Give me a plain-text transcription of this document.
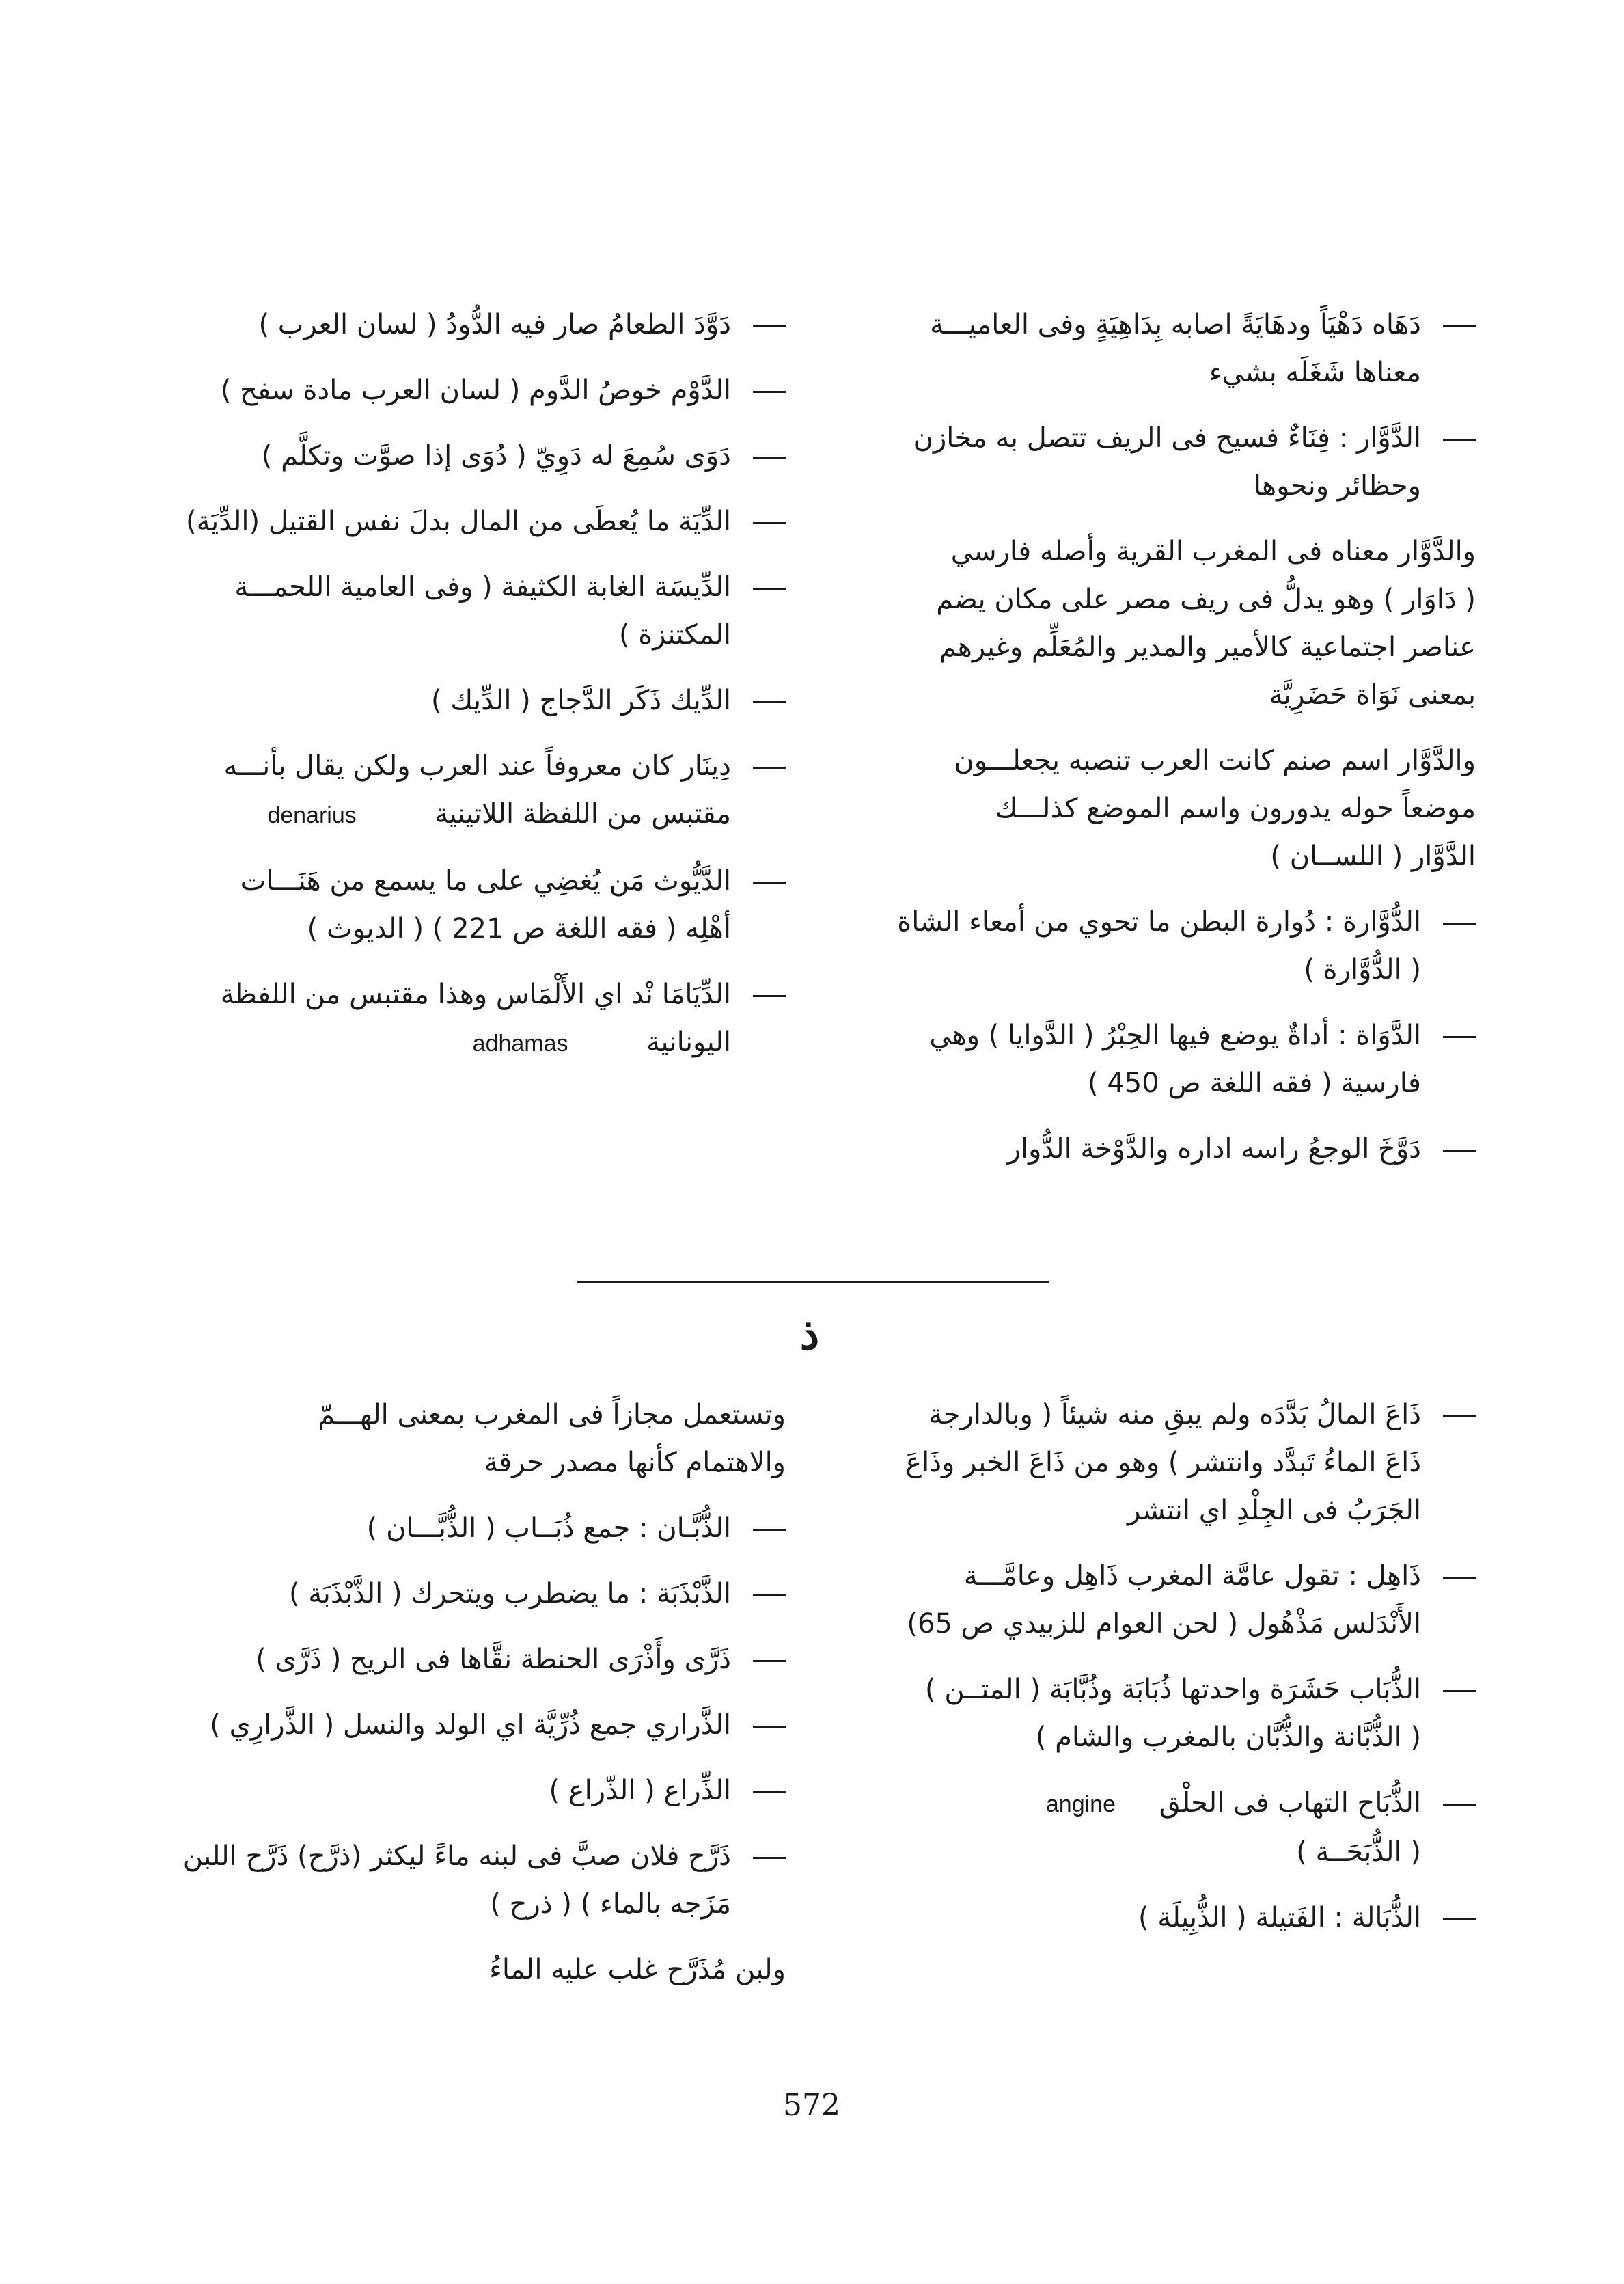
دَهَاه دَهْيَاً ودهَايَةً اصابه بِدَاهِيَةٍ وفى العاميـــة

معناها شَغَلَه بشيء

الدَّوَّار : فِنَاءٌ فسيح فى الريف تتصل به مخازن

وحظائر ونحوها

والدَّوَّار معناه فى المغرب القرية وأصله فارسي

( دَاوَار ) وهو يدلُّ فى ريف مصر على مكان يضم

عناصر اجتماعية كالأمير والمدير والمُعَلِّم وغيرهم

بمعنى نَوَاة حَضَرِيَّة

والدَّوَّار اسم صنم كانت العرب تنصبه يجعلـــون

موضعاً حوله يدورون واسم الموضع كذلـــك

الدَّوَّار ( اللســان )

الدُّوَّارة : دُوارة البطن ما تحوي من أمعاء الشاة

( الدُّوَّارة )

الدَّوَاة : أداةٌ يوضع فيها الحِبْرُ ( الدَّوايا ) وهي

فارسية ( فقه اللغة ص 450 )

دَوَّخَ الوجعُ راسه اداره والدَّوْخة الدُّوار

دَوَّدَ الطعامُ صار فيه الدُّودُ ( لسان العرب )

الدَّوْم خوصُ الدَّوم ( لسان العرب مادة سفح )

دَوَى سُمِعَ له دَوِيّ ( دُوَى إذا صوَّت وتكلَّم )

الدِّيَة ما يُعطَى من المال بدلَ نفس القتيل (الدِّيَة)

الدِّيسَة الغابة الكثيفة ( وفى العامية اللحمـــة

المكتنزة )

الدِّيك ذَكَر الدَّجاج ( الدِّيك )

دِينَار كان معروفاً عند العرب ولكن يقال بأنـــه

مقتبس من اللفظة اللاتينية         denarius

الدَّيُّوث مَن يُغضِي على ما يسمع من هَنَـــات

أهْلِه ( فقه اللغة ص 221 ) ( الديوث )

الدِّيَامَا نْد اي الأَلْمَاس وهذا مقتبس من اللفظة

اليونانية         adhamas

ذ

ذَاعَ المالُ بَدَّدَه ولم يبقِ منه شيئاً ( وبالدارجة

ذَاعَ الماءُ تَبدَّد وانتشر ) وهو من ذَاعَ الخبر وذَاعَ

الجَرَبُ فى الجِلْدِ اي انتشر

ذَاهِل : تقول عامَّة المغرب ذَاهِل وعامَّـــة

الأَنْدَلس مَذْهُول ( لحن العوام للزبيدي ص 65)

الذُّبَاب حَشَرَة واحدتها ذُبَابَة وذُبَّابَة ( المتــن )

( الذُّبَّانة والذُّبَّان بالمغرب والشام )

الذُّبَاح التهاب فى الحلْق     angine

( الذُّبَحَــة )

الذُّبَالة : الفَتيلة ( الذُّبِيلَة )

وتستعمل مجازاً فى المغرب بمعنى الهـــمّ

والاهتمام كأنها مصدر حرقة

الذُّبَّـان : جمع ذُبَــاب ( الذُّبَّـــان )

الذَّبْذَبَة : ما يضطرب ويتحرك ( الذَّبْذَبَة )

ذَرَّى وأَذْرَى الحنطة نقَّاها فى الريح ( ذَرَّى )

الذَّراري جمع ذُرِّيَّة اي الولد والنسل ( الذَّرارِي )

الذِّراع ( الذّراع )

ذَرَّح فلان صبَّ فى لبنه ماءً ليكثر (ذرَّح) ذَرَّح اللبن

مَزَجه بالماء ) ( ذرح )

ولبن مُذَرَّح غلب عليه الماءُ

572
